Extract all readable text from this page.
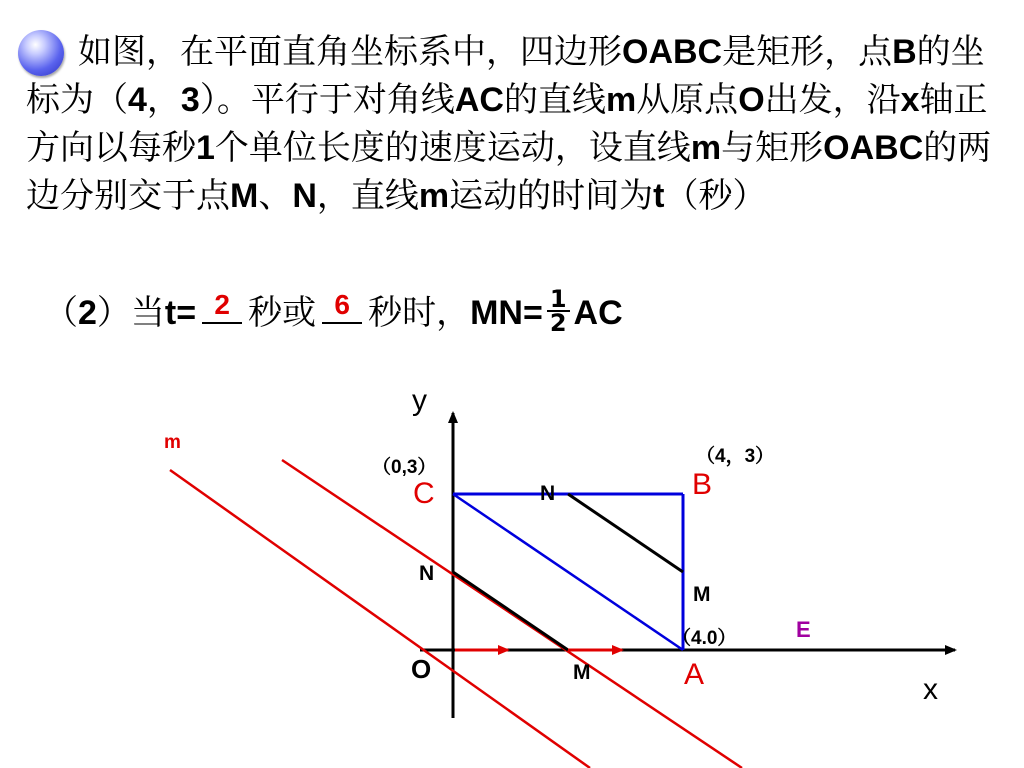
如图，在平面直角坐标系中，四边形OABC是矩形，点B的坐标为（4，3）。平行于对角线AC的直线m从原点O出发，沿x轴正方向以每秒1个单位长度的速度运动，设直线m与矩形OABC的两边分别交于点M、N，直线m运动的时间为t（秒）

（2）当t= 2 秒或 6 秒时，$MN= \frac{1}{2}$ AC
y
x
O	A
B
C
E
（0,3）
（4，3）
（4.0）
N
M
N
M
m
